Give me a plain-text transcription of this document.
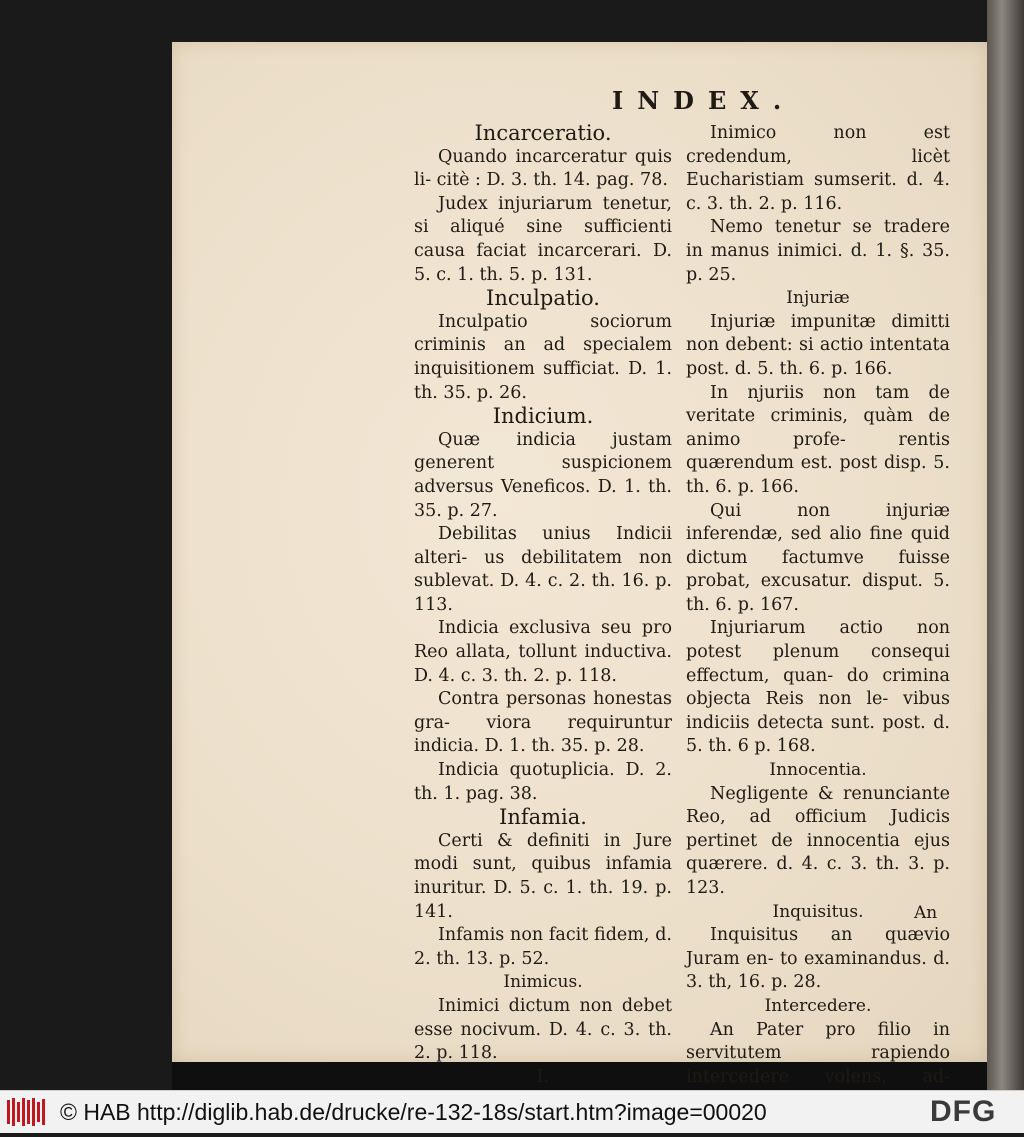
INDEX.

Incarceratio.

Quando incarceratur quis li- citè : D. 3. th. 14. pag. 78.

Judex injuriarum tenetur, si aliqué sine sufficienti causa faciat incarcerari. D. 5. c. 1. th. 5. p. 131.

Inculpatio.

Inculpatio sociorum criminis an ad specialem inquisitionem sufficiat. D. 1. th. 35. p. 26.

Indicium.

Quæ indicia justam generent suspicionem adversus Veneficos. D. 1. th. 35. p. 27.

Debilitas unius Indicii alteri- us debilitatem non sublevat. D. 4. c. 2. th. 16. p. 113.

Indicia exclusiva seu pro Reo allata, tollunt inductiva. D. 4. c. 3. th. 2. p. 118.

Contra personas honestas gra- viora requiruntur indicia. D. 1. th. 35. p. 28.

Indicia quotuplicia. D. 2. th. 1. pag. 38.

Infamia.

Certi & definiti in Jure modi sunt, quibus infamia inuritur. D. 5. c. 1. th. 19. p. 141.

Infamis non facit fidem, d. 2. th. 13. p. 52.

Inimicus.

Inimici dictum non debet esse nocivum. D. 4. c. 3. th. 2. p. 118.

I.

Inimico non est credendum, licèt Eucharistiam sumserit. d. 4. c. 3. th. 2. p. 116.

Nemo tenetur se tradere in manus inimici. d. 1. §. 35. p. 25.

Injuriæ

Injuriæ impunitæ dimitti non debent: si actio intentata post. d. 5. th. 6. p. 166.

In njuriis non tam de veritate criminis, quàm de animo profe- rentis quærendum est. post disp. 5. th. 6. p. 166.

Qui non injuriæ inferendæ, sed alio fine quid dictum factumve fuisse probat, excusatur. disput. 5. th. 6. p. 167.

Injuriarum actio non potest plenum consequi effectum, quan- do crimina objecta Reis non le- vibus indiciis detecta sunt. post. d. 5. th. 6 p. 168.

Innocentia.

Negligente & renunciante Reo, ad officium Judicis pertinet de innocentia ejus quærere. d. 4. c. 3. th. 3. p. 123.

Inquisitus.

Inquisitus an quævio Juram en- to examinandus. d. 3. th, 16. p. 28.

Intercedere.

An Pater pro filio in servitutem rapiendo intercedere volens, ad-

An
© HAB http://diglib.hab.de/drucke/re-132-18s/start.htm?image=00020	DFG
